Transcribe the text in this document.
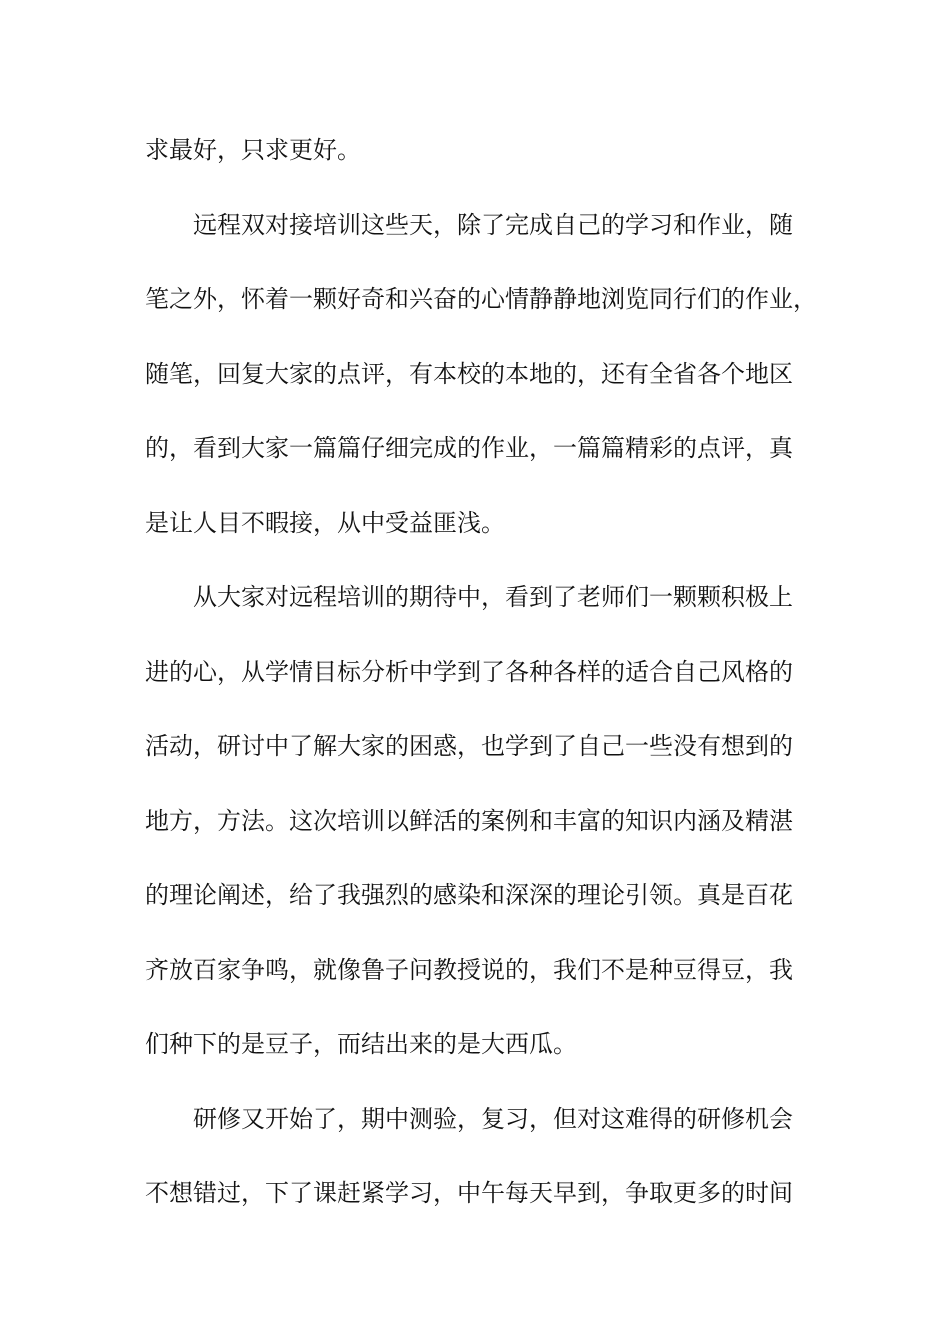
求最好，只求更好。
远程双对接培训这些天，除了完成自己的学习和作业，随
笔之外，怀着一颗好奇和兴奋的心情静静地浏览同行们的作业，
随笔，回复大家的点评，有本校的本地的，还有全省各个地区
的，看到大家一篇篇仔细完成的作业，一篇篇精彩的点评，真
是让人目不暇接，从中受益匪浅。
从大家对远程培训的期待中，看到了老师们一颗颗积极上
进的心，从学情目标分析中学到了各种各样的适合自己风格的
活动，研讨中了解大家的困惑，也学到了自己一些没有想到的
地方，方法。这次培训以鲜活的案例和丰富的知识内涵及精湛
的理论阐述，给了我强烈的感染和深深的理论引领。真是百花
齐放百家争鸣，就像鲁子问教授说的，我们不是种豆得豆，我
们种下的是豆子，而结出来的是大西瓜。
研修又开始了，期中测验，复习，但对这难得的研修机会
不想错过，下了课赶紧学习，中午每天早到，争取更多的时间
